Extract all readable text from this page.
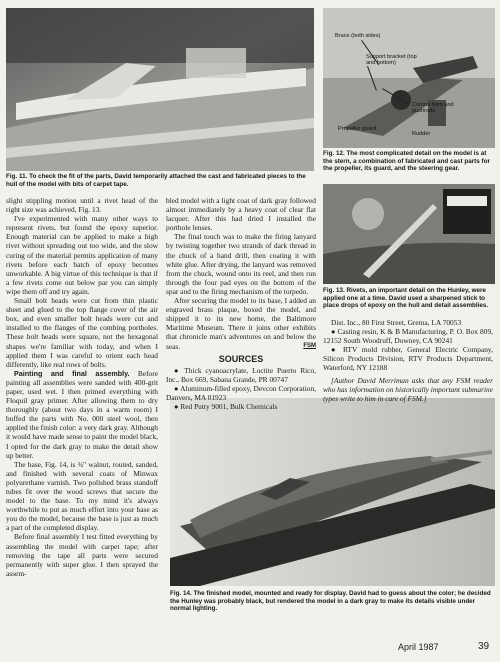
Fig. 11. To check the fit of the parts, David temporarily attached the cast and fabricated pieces to the hull of the model with bits of carpet tape.
Brace (both sides)
Support bracket (top and bottom)
Control horn and pushrods
Propeller guard
Rudder
Fig. 12. The most complicated detail on the model is at the stern, a combination of fabricated and cast parts for the propeller, its guard, and the steering gear.
Fig. 13. Rivets, an important detail on the Hunley, were applied one at a time. David used a sharpened stick to place drops of epoxy on the hull and detail assemblies.
Fig. 14. The finished model, mounted and ready for display. David had to guess about the color; he decided the Hunley was probably black, but rendered the model in a dark gray to make its details visible under normal lighting.

slight stippling motion until a rivet head of the right size was achieved, Fig. 13.

I've experimented with many other ways to represent rivets, but found the epoxy superior. Enough material can be applied to make a high rivet without spreading out too wide, and the slow curing of the material permits application of many rivets before each batch of epoxy becomes unworkable. A big virtue of this technique is that if a few rivets come out below par you can simply wipe them off and try again.

Small bolt heads were cut from thin plastic sheet and glued to the top flange cover of the air box, and even smaller bolt heads were cut and installed to the flanges of the combing portholes. These bolt heads were square, not the hexagonal shapes we're familiar with today, and when I applied them I was careful to orient each head differently, like real rows of bolts.

Painting and final assembly. Before painting all assemblies were sanded with 400-grit paper, used wet. I then primed everything with Floquil gray primer. After allowing them to dry thoroughly (about two days in a warm room) I buffed the parts with No. 000 steel wool, then applied the finish color: a very dark gray. Although it would have made sense to paint the model black, I opted for the dark gray to make the detail show up better.

The base, Fig. 14, is ¾" walnut, routed, sanded, and finished with several coats of Minwax polyurethane varnish. Two polished brass standoff tubes fit over the wood screws that secure the model to the base. To my mind it's always worthwhile to put as much effort into your base as you do the model, because the base is just as much a part of the completed display.

Before final assembly I test fitted everything by assembling the model with carpet tape; after removing the tape all parts were secured permanently with super glue. I then sprayed the assem-

bled model with a light coat of dark gray followed almost immediately by a heavy coat of clear flat lacquer. After this had dried I installed the porthole lenses.

The final touch was to make the firing lanyard by twisting together two strands of dark thread in the chuck of a hand drill, then coating it with white glue. After drying, the lanyard was removed from the chuck, wound onto its reel, and then run through the four pad eyes on the bottom of the spar and to the firing mechanism of the torpedo.

After securing the model to its base, I added an engraved brass plaque, boxed the model, and shipped it to its new home, the Baltimore Maritime Museum. There it joins other exhibits that chronicle man's adventures on and below the seas.	FSM

SOURCES

● Thick cyanoacrylate, Loctite Puerto Rico, Inc., Box 669, Sabana Grande, PR 00747

● Aluminum-filled epoxy, Devcon Corporation, Danvers, MA 01923

● Red Putty 9001, Bulk Chemicals

Dist. Inc., 80 First Street, Gretna, LA 70053

● Casting resin, K & B Manufacturing, P. O. Box 809, 12152 South Woodruff, Downey, CA 90241

● RTV mold rubber, General Electric Company, Silicon Products Division, RTV Products Department, Waterford, NY 12188

[Author David Merriman asks that any FSM reader who has information on historically important submarine types write to him in care of FSM.]

April 1987	39
